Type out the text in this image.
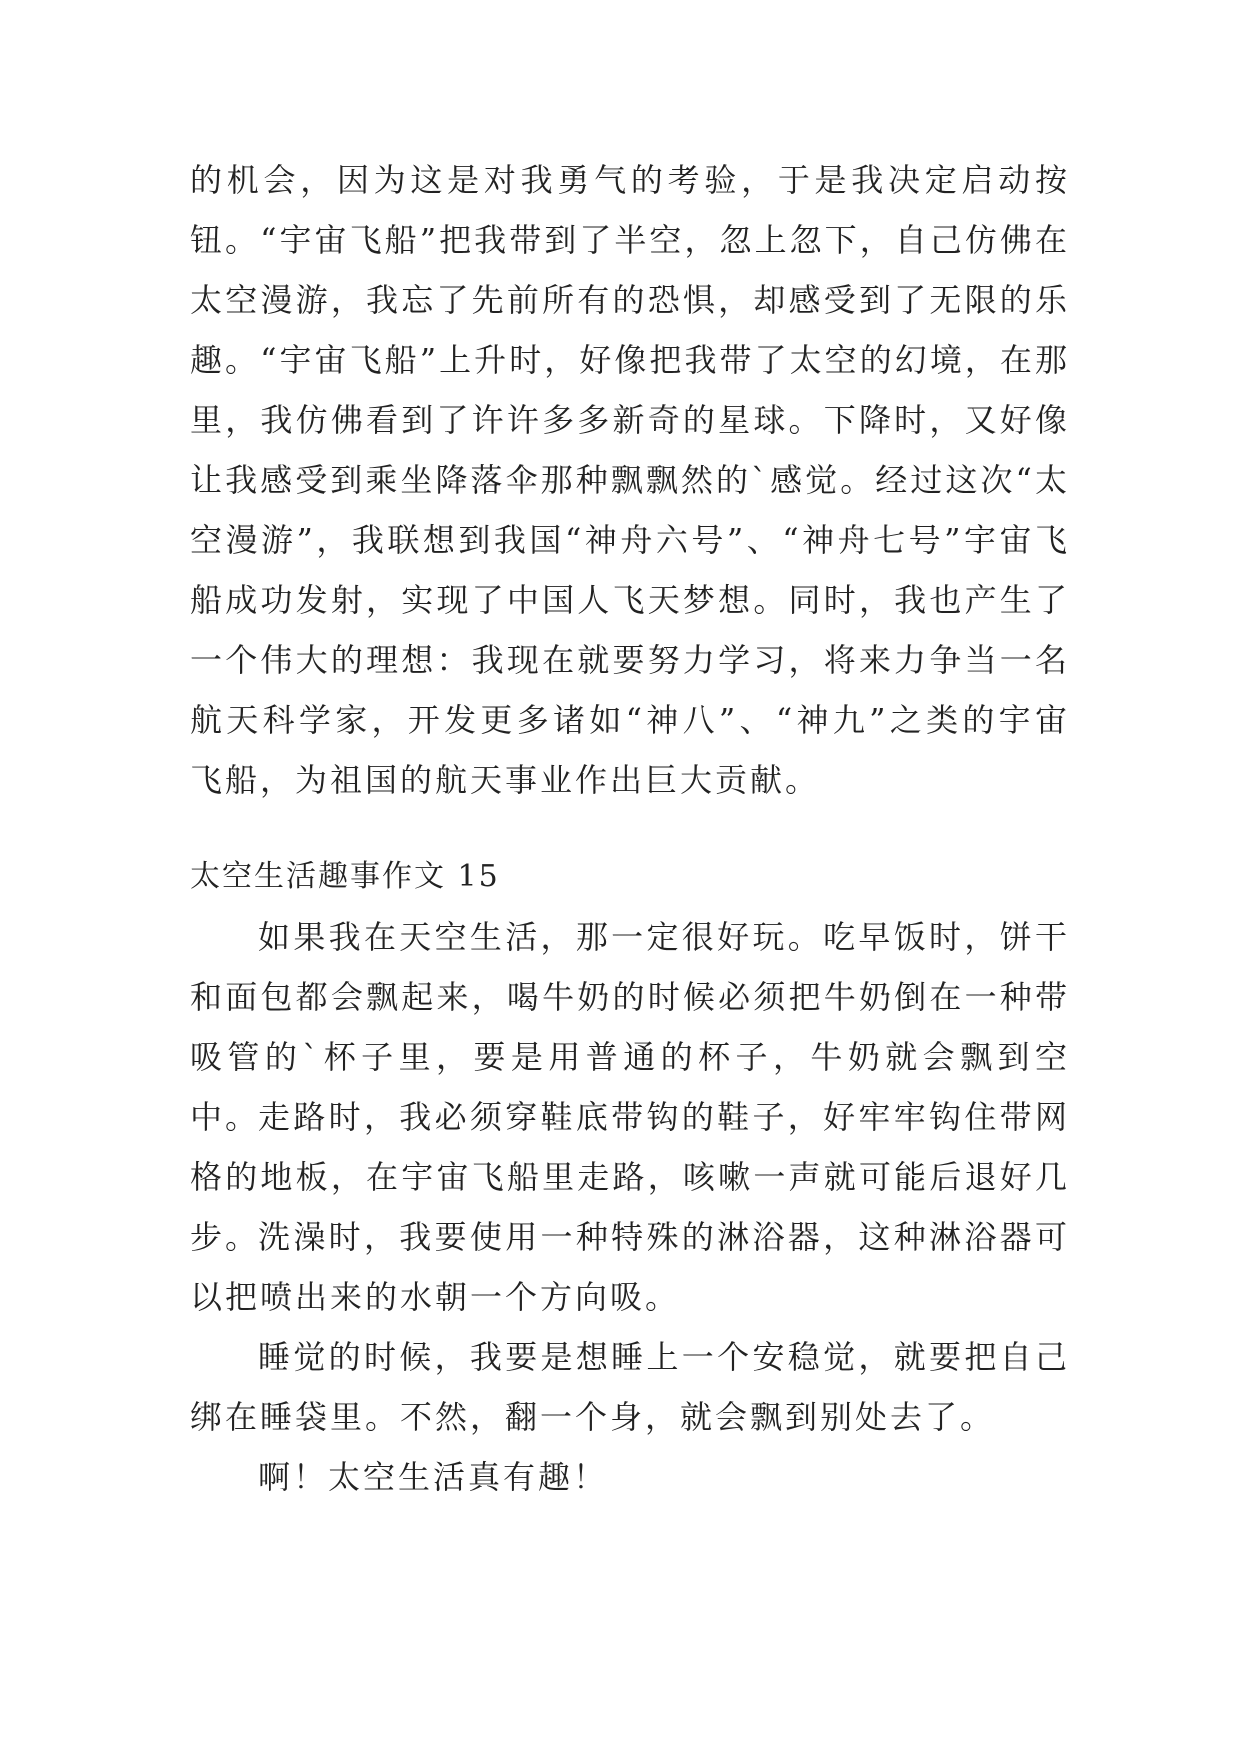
的机会，因为这是对我勇气的考验，于是我决定启动按钮。“宇宙飞船”把我带到了半空，忽上忽下，自己仿佛在太空漫游，我忘了先前所有的恐惧，却感受到了无限的乐趣。“宇宙飞船”上升时，好像把我带了太空的幻境，在那里，我仿佛看到了许许多多新奇的星球。下降时，又好像让我感受到乘坐降落伞那种飘飘然的`感觉。经过这次“太空漫游”，我联想到我国“神舟六号”、“神舟七号”宇宙飞船成功发射，实现了中国人飞天梦想。同时，我也产生了一个伟大的理想：我现在就要努力学习，将来力争当一名航天科学家，开发更多诸如“神八”、“神九”之类的宇宙飞船，为祖国的航天事业作出巨大贡献。

太空生活趣事作文 15

如果我在天空生活，那一定很好玩。吃早饭时，饼干和面包都会飘起来，喝牛奶的时候必须把牛奶倒在一种带吸管的`杯子里，要是用普通的杯子，牛奶就会飘到空中。

走路时，我必须穿鞋底带钩的鞋子，好牢牢钩住带网格的地板，在宇宙飞船里走路，咳嗽一声就可能后退好几步。

洗澡时，我要使用一种特殊的淋浴器，这种淋浴器可以把喷出来的水朝一个方向吸。

睡觉的时候，我要是想睡上一个安稳觉，就要把自己绑在睡袋里。不然，翻一个身，就会飘到别处去了。

啊！太空生活真有趣！
